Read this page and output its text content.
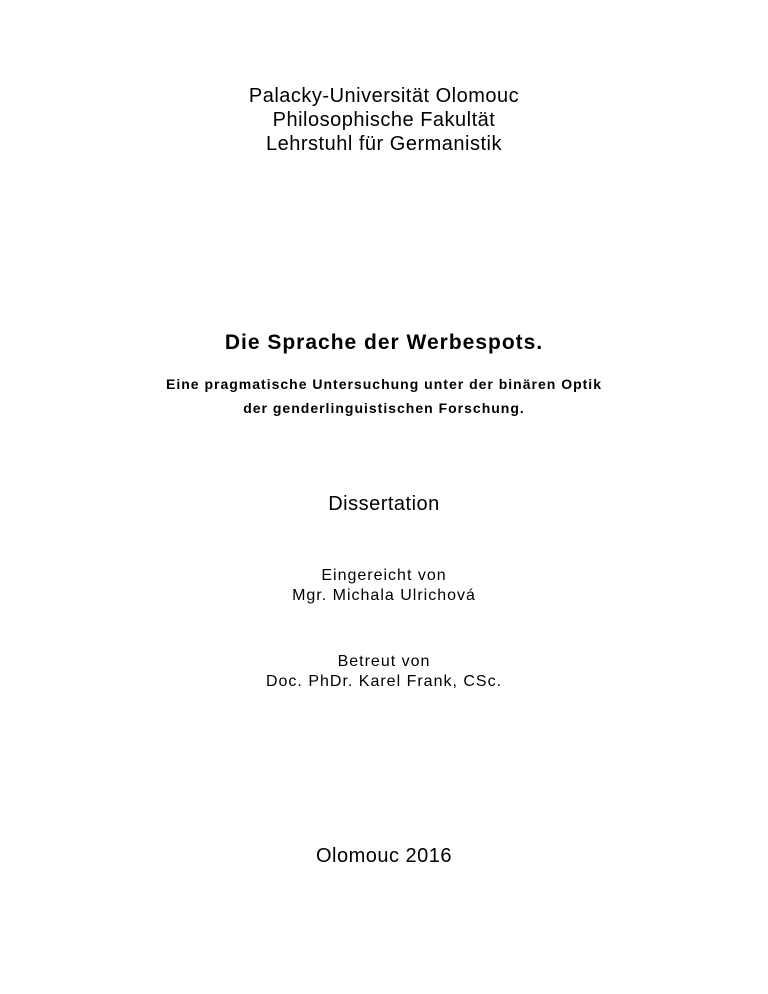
Palacky-Universität Olomouc
Philosophische Fakultät
Lehrstuhl für Germanistik
Die Sprache der Werbespots.
Eine pragmatische Untersuchung unter der binären Optik
der genderlinguistischen Forschung.
Dissertation
Eingereicht von
Mgr. Michala Ulrichová
Betreut von
Doc. PhDr. Karel Frank, CSc.
Olomouc 2016
